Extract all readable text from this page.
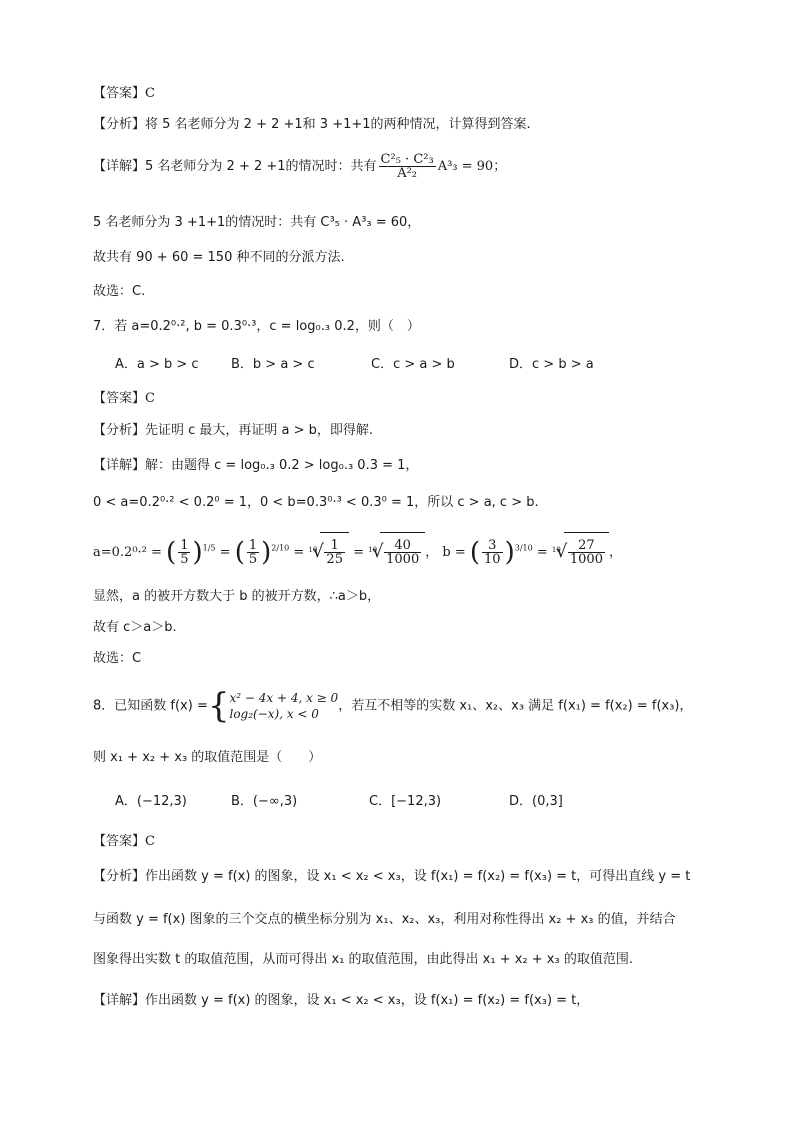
【答案】C
【分析】将 5 名老师分为 2 + 2 +1和 3 +1+1的两种情况，计算得到答案.
【详解】5 名老师分为 2 + 2 +1的情况时：共有 $\frac{\text{C²₅ · C²₃}}{\text{A²₂}} A^3_3 = 90$；
5 名老师分为 3 +1+1的情况时：共有 C³₅ · A³₃ = 60，
故共有 90 + 60 = 150 种不同的分派方法.
故选：C.
7．若 a=0.2⁰·², b = 0.3⁰·³，c = log₀.₃ 0.2，则（　）
A．a > b > c B．b > a > c	C．c > a > b	D．c > b > a
【答案】C
【分析】先证明 c 最大，再证明 a > b，即得解.
【详解】解：由题得 c = log₀.₃ 0.2 > log₀.₃ 0.3 = 1，
0 < a=0.2⁰·² < 0.2⁰ = 1，0 < b=0.3⁰·³ < 0.3⁰ = 1，所以 c > a, c > b.
a=0.2⁰·² = ( $\frac{1}{5} )^{1/5}$ = ( $\frac{1}{5} )^{2/10} = 10$ √ $\frac{1}{25} = 10$ √ $\frac{40}{1000}$ ， b = ( $\frac{3}{10} )^{3/10} = 10$ √ $\frac{27}{1000}$ ，
显然，a 的被开方数大于 b 的被开方数，∴a＞b，
故有 c＞a＞b.
故选：C
8．已知函数 f(x) ={ x² − 4x + 4, x ≥ 0
log₂(−x), x < 0
，若互不相等的实数 x₁、x₂、x₃ 满足 f(x₁) = f(x₂) = f(x₃)，
则 x₁ + x₂ + x₃ 的取值范围是（　　）
A．(−12,3)	B．(−∞,3)	C．[−12,3)	D．(0,3]
【答案】C
【分析】作出函数 y = f(x) 的图象，设 x₁ < x₂ < x₃，设 f(x₁) = f(x₂) = f(x₃) = t，可得出直线 y = t
与函数 y = f(x) 图象的三个交点的横坐标分别为 x₁、x₂、x₃，利用对称性得出 x₂ + x₃ 的值，并结合
图象得出实数 t 的取值范围，从而可得出 x₁ 的取值范围，由此得出 x₁ + x₂ + x₃ 的取值范围.
【详解】作出函数 y = f(x) 的图象，设 x₁ < x₂ < x₃，设 f(x₁) = f(x₂) = f(x₃) = t，
